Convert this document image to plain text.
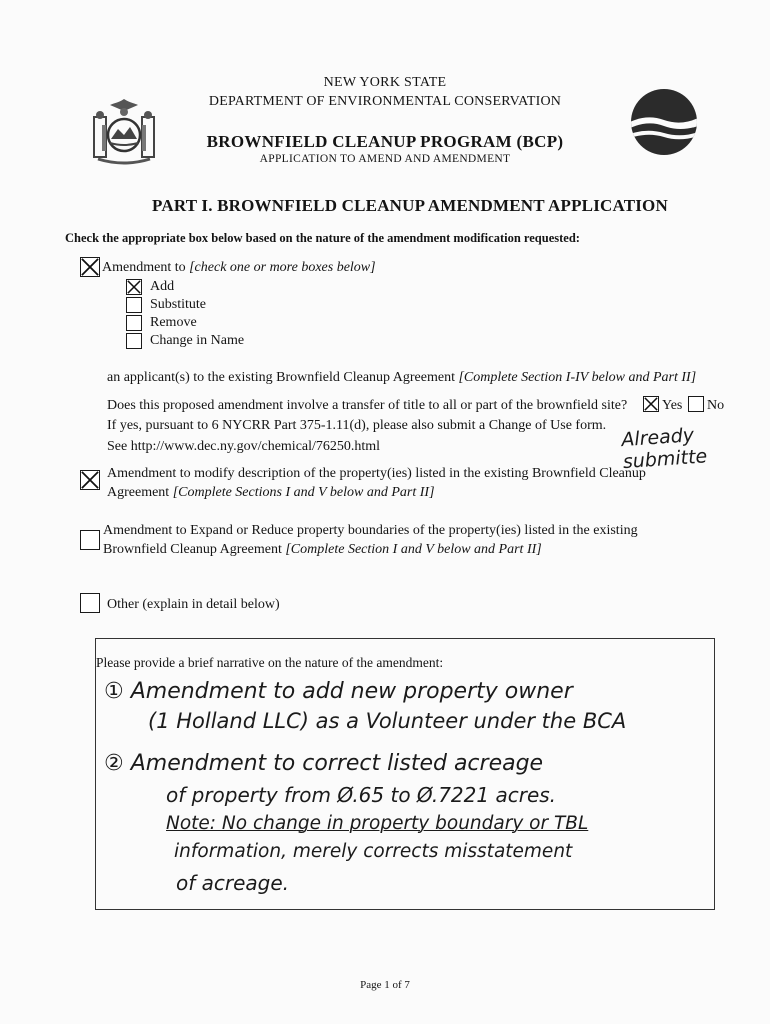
NEW YORK STATE
DEPARTMENT OF ENVIRONMENTAL CONSERVATION
BROWNFIELD CLEANUP PROGRAM (BCP)
APPLICATION TO AMEND AND AMENDMENT
PART I. BROWNFIELD CLEANUP AMENDMENT APPLICATION
Check the appropriate box below based on the nature of the amendment modification requested:
Amendment to [check one or more boxes below]
Add
Substitute
Remove
Change in Name
an applicant(s) to the existing Brownfield Cleanup Agreement [Complete Section I-IV below and Part II]
Does this proposed amendment involve a transfer of title to all or part of the brownfield site? Yes No
If yes, pursuant to 6 NYCRR Part 375-1.11(d), please also submit a Change of Use form.
See http://www.dec.ny.gov/chemical/76250.html	Already submitte
Amendment to modify description of the property(ies) listed in the existing Brownfield Cleanup
Agreement [Complete Sections I and V below and Part II]
Amendment to Expand or Reduce property boundaries of the property(ies) listed in the existing
Brownfield Cleanup Agreement [Complete Section I and V below and Part II]
Other (explain in detail below)
Please provide a brief narrative on the nature of the amendment:
① Amendment to add new property owner
(1 Holland LLC) as a Volunteer under the BCA
② Amendment to correct listed acreage
of property from Ø.65 to Ø.7221 acres.
Note: No change in property boundary or TBL
information, merely corrects misstatement
of acreage.
Page 1 of 7
